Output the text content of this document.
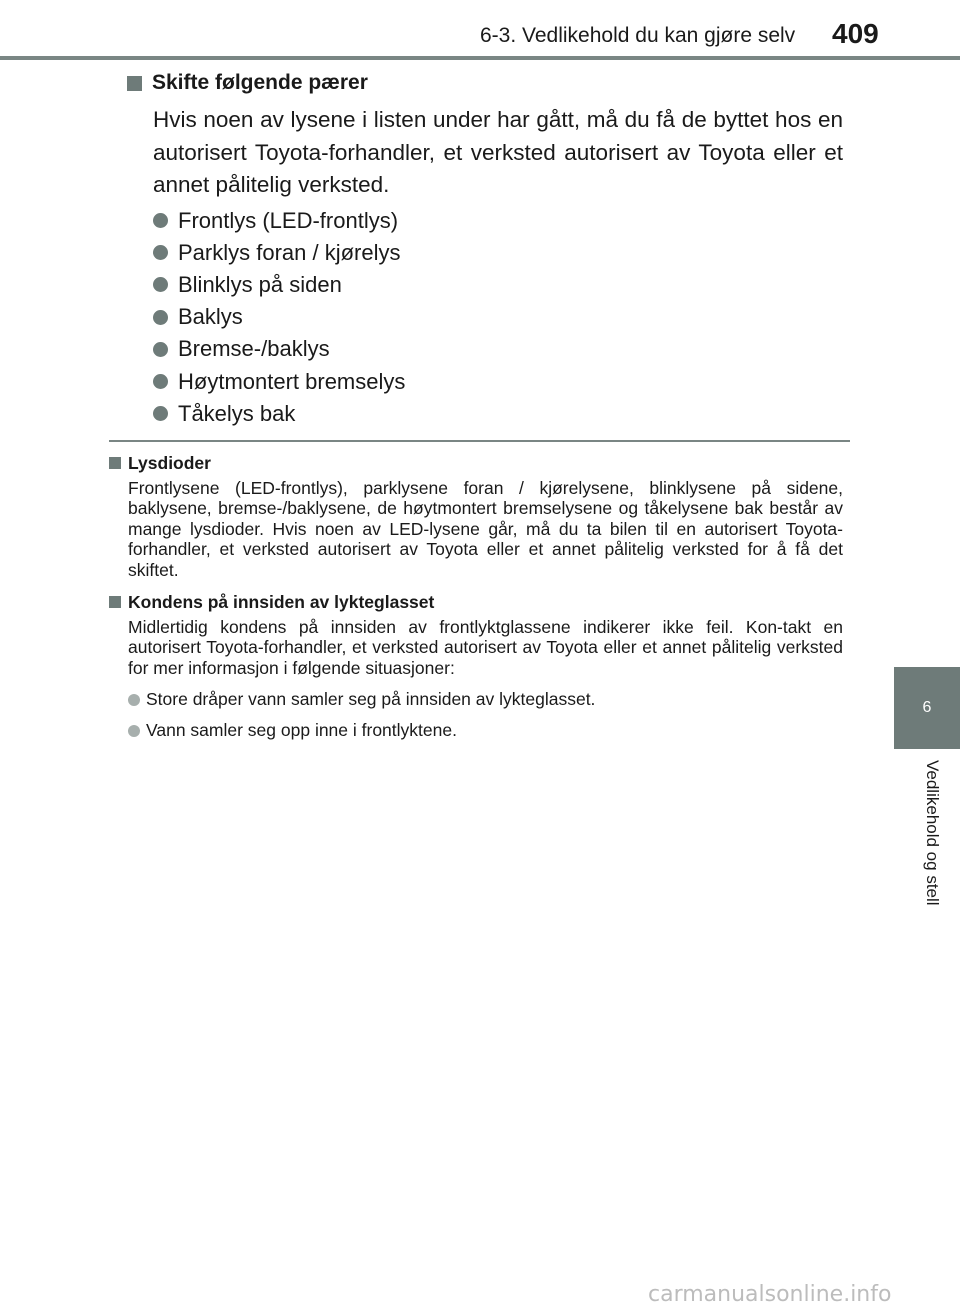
6-3. Vedlikehold du kan gjøre selv 409
6
Vedlikehold og stell
Skifte følgende pærer

Hvis noen av lysene i listen under har gått, må du få de byttet hos en autorisert Toyota-forhandler, et verksted autorisert av Toyota eller et annet pålitelig verksted.

Frontlys (LED-frontlys)
Parklys foran / kjørelys
Blinklys på siden
Baklys
Bremse-/baklys
Høytmontert bremselys
Tåkelys bak
Lysdioder

Frontlysene (LED-frontlys), parklysene foran / kjørelysene, blinklysene på sidene, baklysene, bremse-/baklysene, de høytmontert bremselysene og tåkelysene bak består av mange lysdioder. Hvis noen av LED-lysene går, må du ta bilen til en autorisert Toyota-forhandler, et verksted autorisert av Toyota eller et annet pålitelig verksted for å få det skiftet.

Kondens på innsiden av lykteglasset

Midlertidig kondens på innsiden av frontlyktglassene indikerer ikke feil. Kon-takt en autorisert Toyota-forhandler, et verksted autorisert av Toyota eller et annet pålitelig verksted for mer informasjon i følgende situasjoner:

Store dråper vann samler seg på innsiden av lykteglasset.
Vann samler seg opp inne i frontlyktene.
carmanualsonline.info
